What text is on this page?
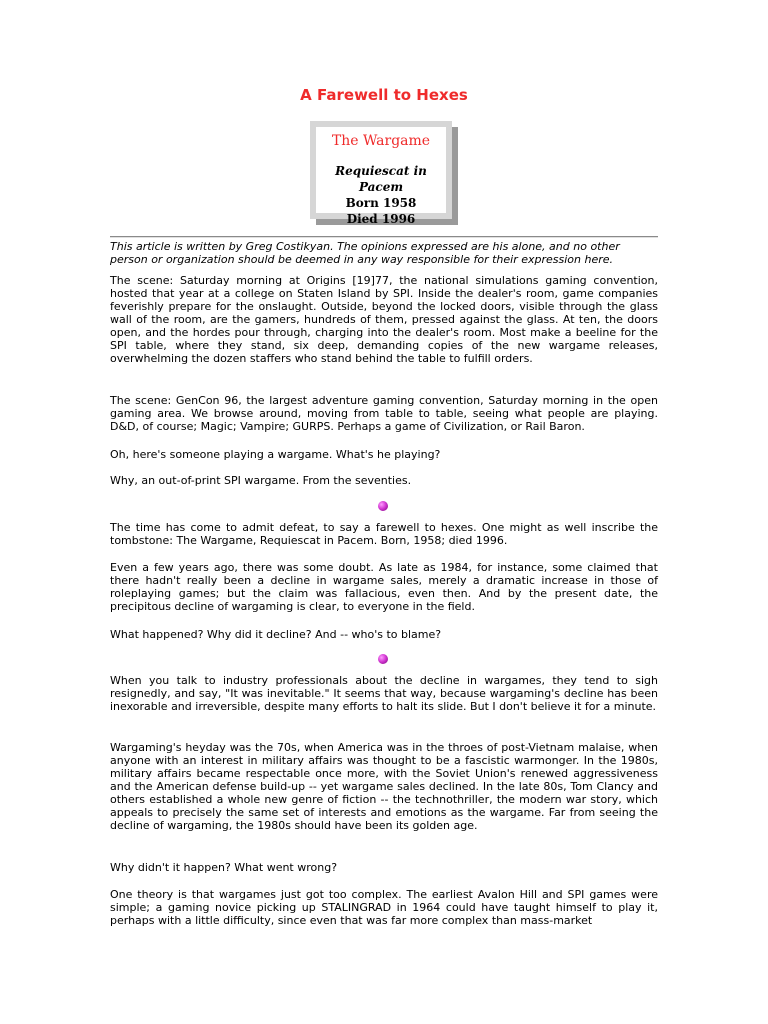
A Farewell to Hexes
The Wargame
Requiescat in Pacem
Born 1958
Died 1996
This article is written by Greg Costikyan. The opinions expressed are his alone, and no other person or organization should be deemed in any way responsible for their expression here.

The scene: Saturday morning at Origins [19]77, the national simulations gaming convention, hosted that year at a college on Staten Island by SPI. Inside the dealer's room, game companies feverishly prepare for the onslaught. Outside, beyond the locked doors, visible through the glass wall of the room, are the gamers, hundreds of them, pressed against the glass. At ten, the doors open, and the hordes pour through, charging into the dealer's room. Most make a beeline for the SPI table, where they stand, six deep, demanding copies of the new wargame releases, overwhelming the dozen staffers who stand behind the table to fulfill orders.

The scene: GenCon 96, the largest adventure gaming convention, Saturday morning in the open gaming area. We browse around, moving from table to table, seeing what people are playing. D&D, of course; Magic; Vampire; GURPS. Perhaps a game of Civilization, or Rail Baron.

Oh, here's someone playing a wargame. What's he playing?

Why, an out-of-print SPI wargame. From the seventies.

The time has come to admit defeat, to say a farewell to hexes. One might as well inscribe the tombstone: The Wargame, Requiescat in Pacem. Born, 1958; died 1996.

Even a few years ago, there was some doubt. As late as 1984, for instance, some claimed that there hadn't really been a decline in wargame sales, merely a dramatic increase in those of roleplaying games; but the claim was fallacious, even then. And by the present date, the precipitous decline of wargaming is clear, to everyone in the field.

What happened? Why did it decline? And -- who's to blame?

When you talk to industry professionals about the decline in wargames, they tend to sigh resignedly, and say, "It was inevitable." It seems that way, because wargaming's decline has been inexorable and irreversible, despite many efforts to halt its slide. But I don't believe it for a minute.

Wargaming's heyday was the 70s, when America was in the throes of post-Vietnam malaise, when anyone with an interest in military affairs was thought to be a fascistic warmonger. In the 1980s, military affairs became respectable once more, with the Soviet Union's renewed aggressiveness and the American defense build-up -- yet wargame sales declined. In the late 80s, Tom Clancy and others established a whole new genre of fiction -- the technothriller, the modern war story, which appeals to precisely the same set of interests and emotions as the wargame. Far from seeing the decline of wargaming, the 1980s should have been its golden age.

Why didn't it happen? What went wrong?

One theory is that wargames just got too complex. The earliest Avalon Hill and SPI games were simple; a gaming novice picking up STALINGRAD in 1964 could have taught himself to play it, perhaps with a little difficulty, since even that was far more complex than mass-market
